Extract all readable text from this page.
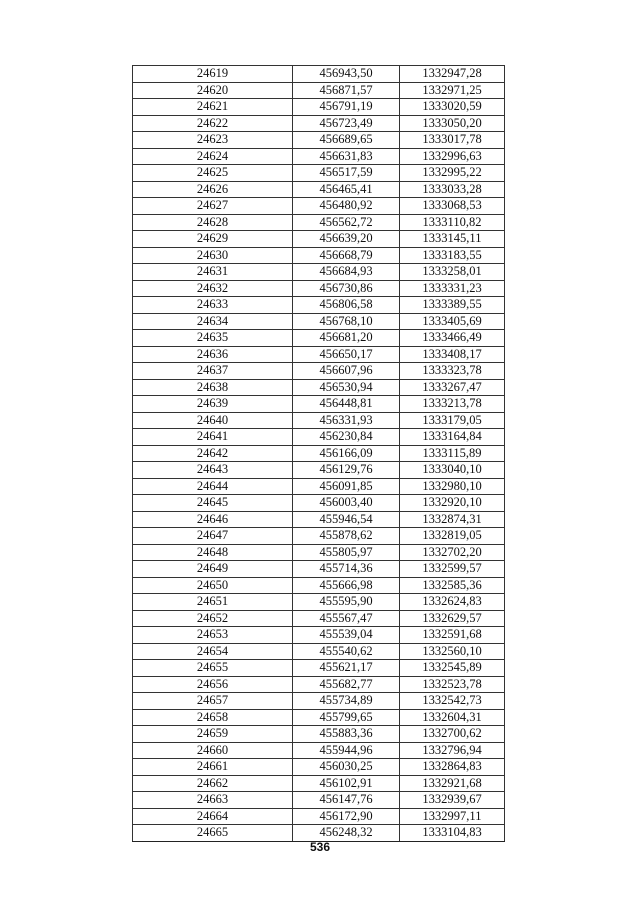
24619	456943,50	1332947,28
24620	456871,57	1332971,25
24621	456791,19	1333020,59
24622	456723,49	1333050,20
24623	456689,65	1333017,78
24624	456631,83	1332996,63
24625	456517,59	1332995,22
24626	456465,41	1333033,28
24627	456480,92	1333068,53
24628	456562,72	1333110,82
24629	456639,20	1333145,11
24630	456668,79	1333183,55
24631	456684,93	1333258,01
24632	456730,86	1333331,23
24633	456806,58	1333389,55
24634	456768,10	1333405,69
24635	456681,20	1333466,49
24636	456650,17	1333408,17
24637	456607,96	1333323,78
24638	456530,94	1333267,47
24639	456448,81	1333213,78
24640	456331,93	1333179,05
24641	456230,84	1333164,84
24642	456166,09	1333115,89
24643	456129,76	1333040,10
24644	456091,85	1332980,10
24645	456003,40	1332920,10
24646	455946,54	1332874,31
24647	455878,62	1332819,05
24648	455805,97	1332702,20
24649	455714,36	1332599,57
24650	455666,98	1332585,36
24651	455595,90	1332624,83
24652	455567,47	1332629,57
24653	455539,04	1332591,68
24654	455540,62	1332560,10
24655	455621,17	1332545,89
24656	455682,77	1332523,78
24657	455734,89	1332542,73
24658	455799,65	1332604,31
24659	455883,36	1332700,62
24660	455944,96	1332796,94
24661	456030,25	1332864,83
24662	456102,91	1332921,68
24663	456147,76	1332939,67
24664	456172,90	1332997,11
24665	456248,32	1333104,83
536
